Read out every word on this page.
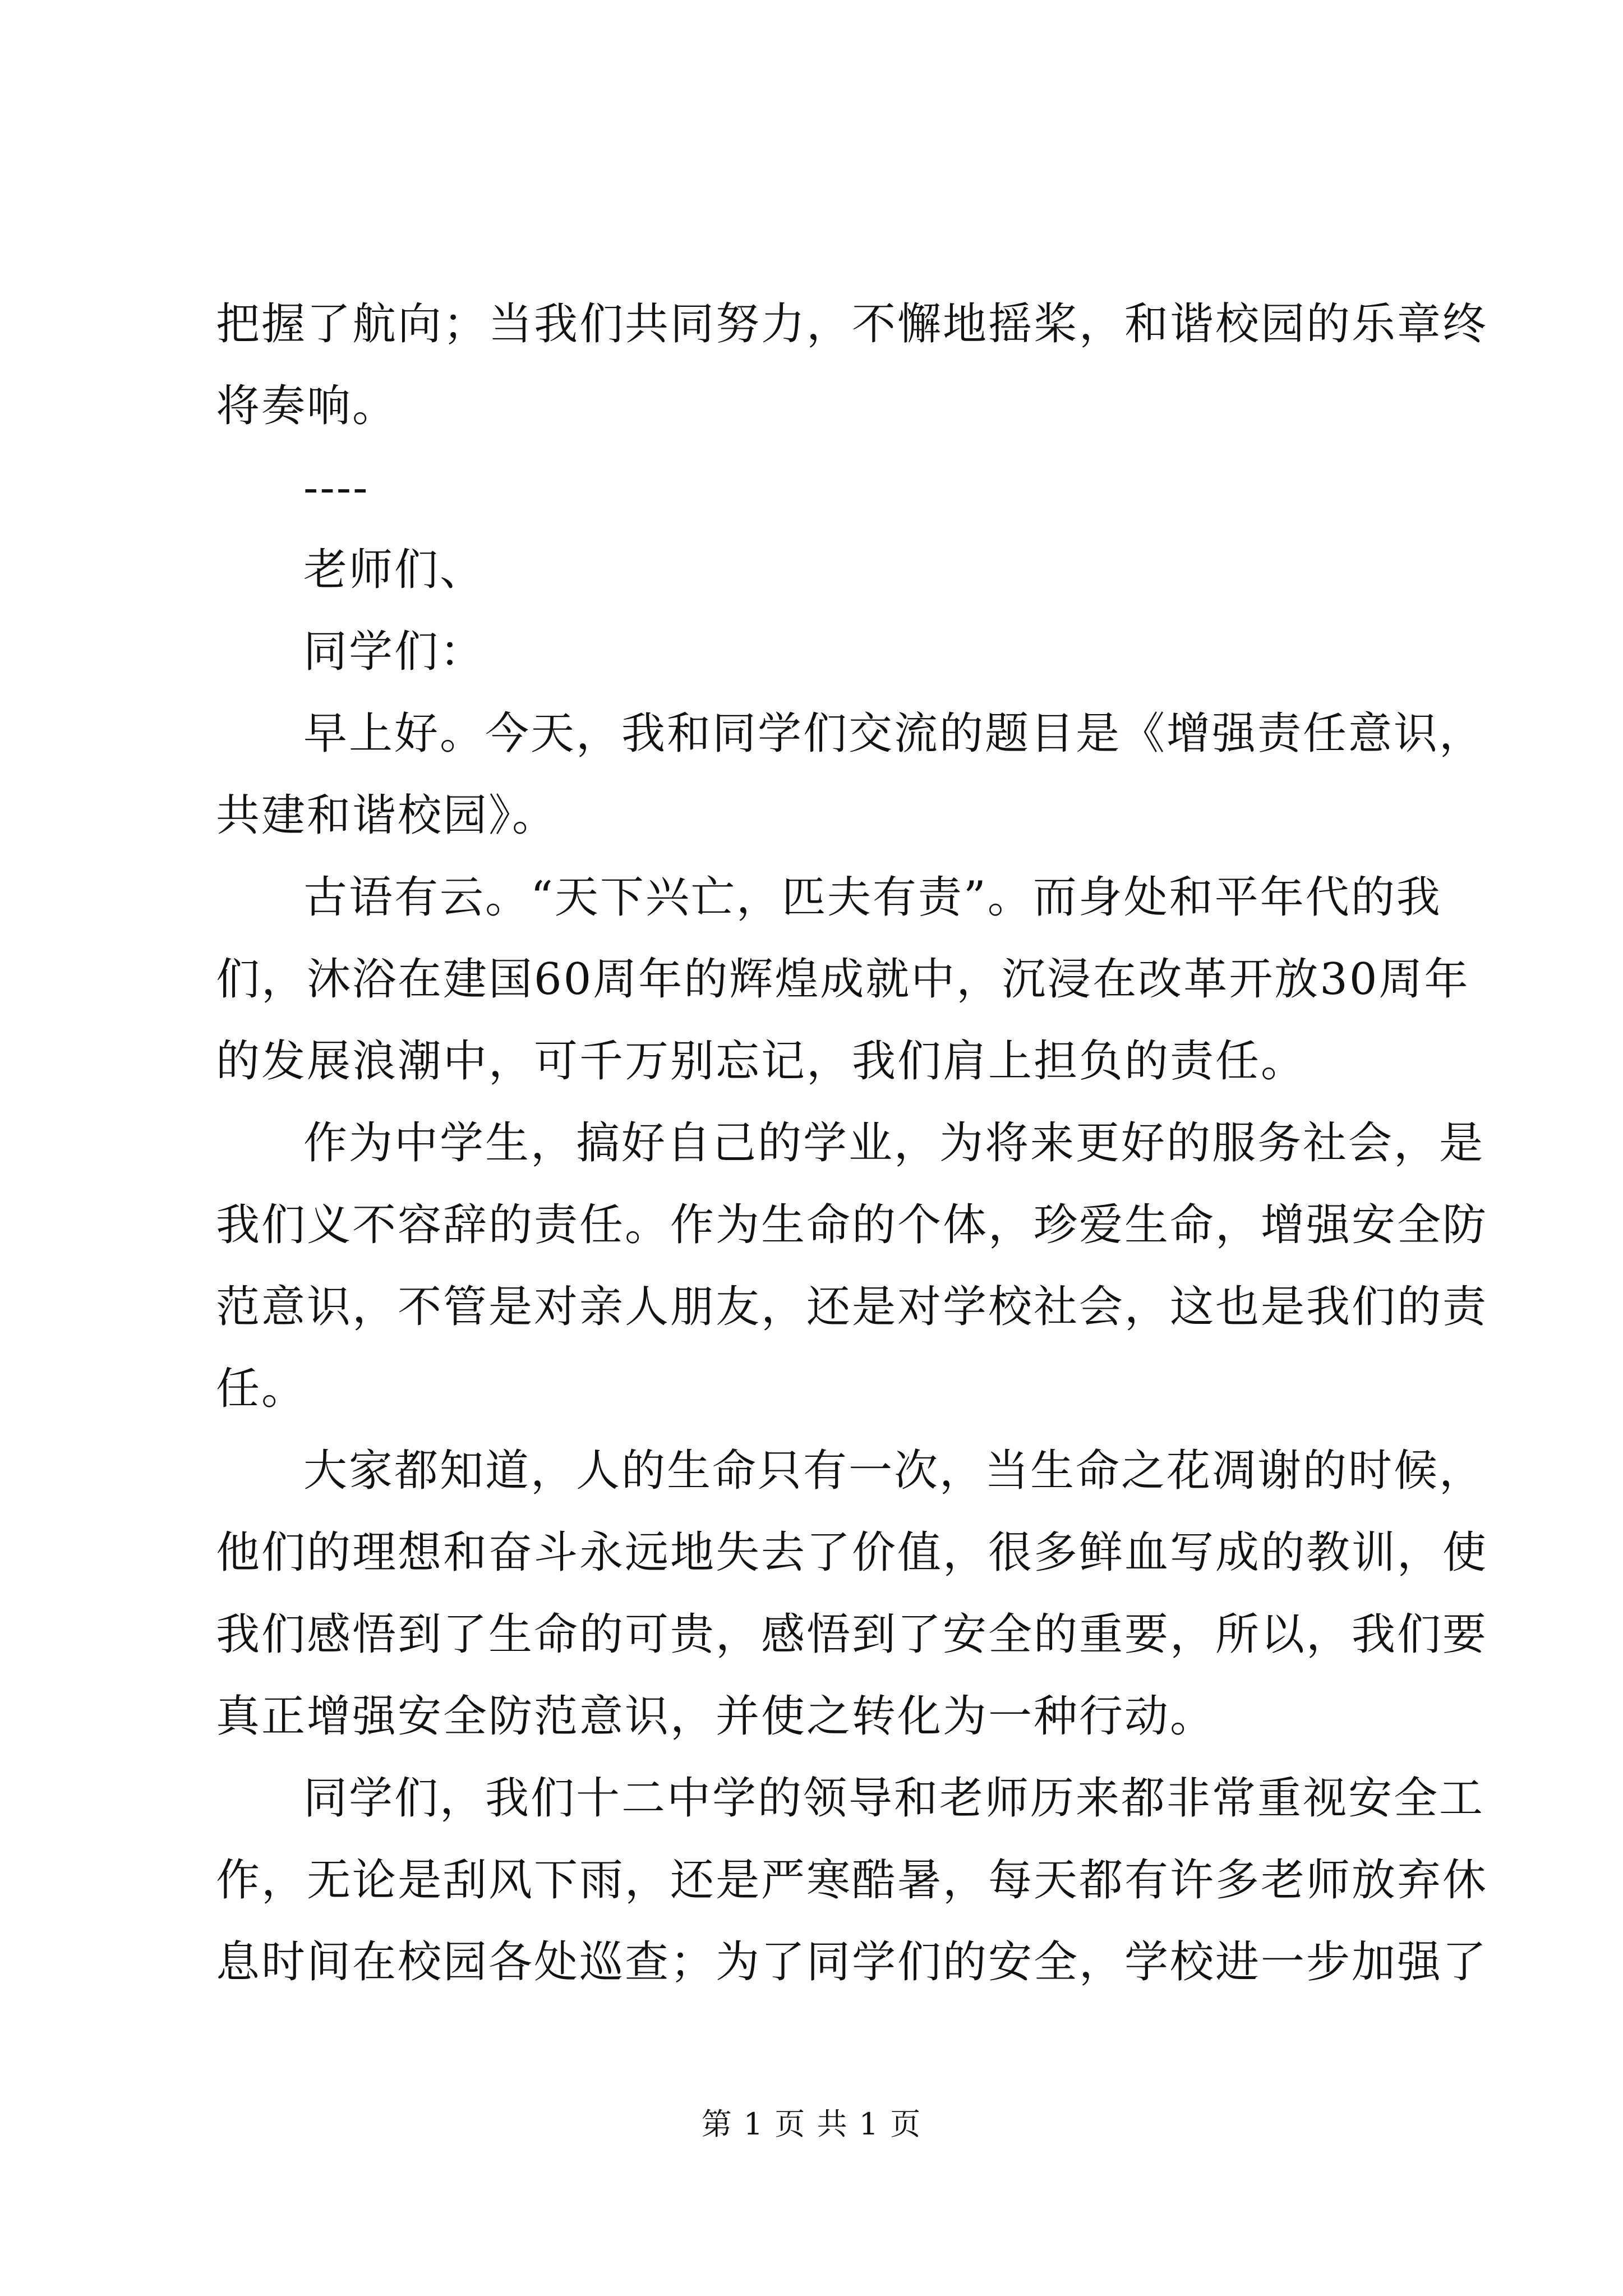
把握了航向；当我们共同努力，不懈地摇桨，和谐校园的乐章终
将奏响。
----
老师们、
同学们：
早上好。今天，我和同学们交流的题目是《增强责任意识，
共建和谐校园》。
古语有云。“天下兴亡，匹夫有责”。而身处和平年代的我
们，沐浴在建国60周年的辉煌成就中，沉浸在改革开放30周年
的发展浪潮中，可千万别忘记，我们肩上担负的责任。
作为中学生，搞好自己的学业，为将来更好的服务社会，是
我们义不容辞的责任。作为生命的个体，珍爱生命，增强安全防
范意识，不管是对亲人朋友，还是对学校社会，这也是我们的责
任。
大家都知道，人的生命只有一次，当生命之花凋谢的时候，
他们的理想和奋斗永远地失去了价值，很多鲜血写成的教训，使
我们感悟到了生命的可贵，感悟到了安全的重要，所以，我们要
真正增强安全防范意识，并使之转化为一种行动。
同学们，我们十二中学的领导和老师历来都非常重视安全工
作，无论是刮风下雨，还是严寒酷暑，每天都有许多老师放弃休
息时间在校园各处巡查；为了同学们的安全，学校进一步加强了
第 1 页 共 1 页
